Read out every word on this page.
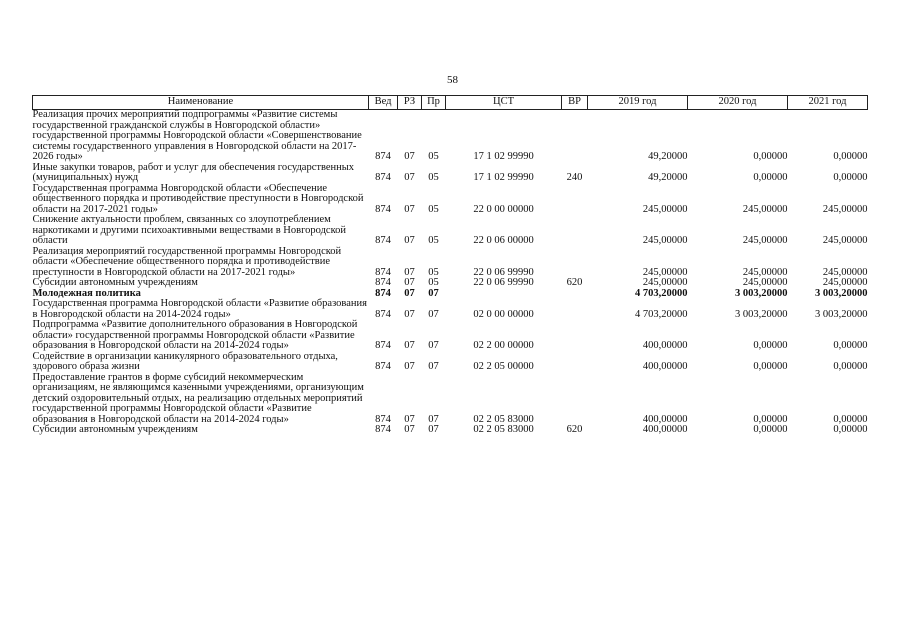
58
Наименование	Вед	РЗ	Пр	ЦСТ	ВР	2019 год	2020 год	2021 год
Реализация прочих мероприятий подпрограммы «Развитие системы государственной гражданской службы в Новгородской области» государственной программы Новгородской области «Совершенствование системы государственного управления в Новгородской области на 2017-2026 годы»	874	07	05	17 1 02 99990		49,20000	0,00000	0,00000
Иные закупки товаров, работ и услуг для обеспечения государственных (муниципальных) нужд	874	07	05	17 1 02 99990	240	49,20000	0,00000	0,00000
Государственная программа Новгородской области «Обеспечение общественного порядка и противодействие преступности в Новгородской области на 2017-2021 годы»	874	07	05	22 0 00 00000		245,00000	245,00000	245,00000
Снижение актуальности проблем, связанных со злоупотреблением наркотиками и другими психоактивными веществами в Новгородской области	874	07	05	22 0 06 00000		245,00000	245,00000	245,00000
Реализация мероприятий государственной программы Новгородской области «Обеспечение общественного порядка и противодействие преступности в Новгородской области на 2017-2021 годы»	874	07	05	22 0 06 99990		245,00000	245,00000	245,00000
Субсидии автономным учреждениям	874	07	05	22 0 06 99990	620	245,00000	245,00000	245,00000
Молодежная политика	874	07	07			4 703,20000	3 003,20000	3 003,20000
Государственная программа Новгородской области «Развитие образования в Новгородской области на 2014-2024 годы»	874	07	07	02 0 00 00000		4 703,20000	3 003,20000	3 003,20000
Подпрограмма «Развитие дополнительного образования в Новгородской области» государственной программы Новгородской области «Развитие образования в Новгородской области на 2014-2024 годы»	874	07	07	02 2 00 00000		400,00000	0,00000	0,00000
Содействие в организации каникулярного образовательного отдыха, здорового образа жизни	874	07	07	02 2 05 00000		400,00000	0,00000	0,00000
Предоставление грантов в форме субсидий некоммерческим организациям, не являющимся казенными учреждениями, организующим детский оздоровительный отдых, на реализацию отдельных мероприятий государственной программы Новгородской области «Развитие образования в Новгородской области на 2014-2024 годы»	874	07	07	02 2 05 83000		400,00000	0,00000	0,00000
Субсидии автономным учреждениям	874	07	07	02 2 05 83000	620	400,00000	0,00000	0,00000
